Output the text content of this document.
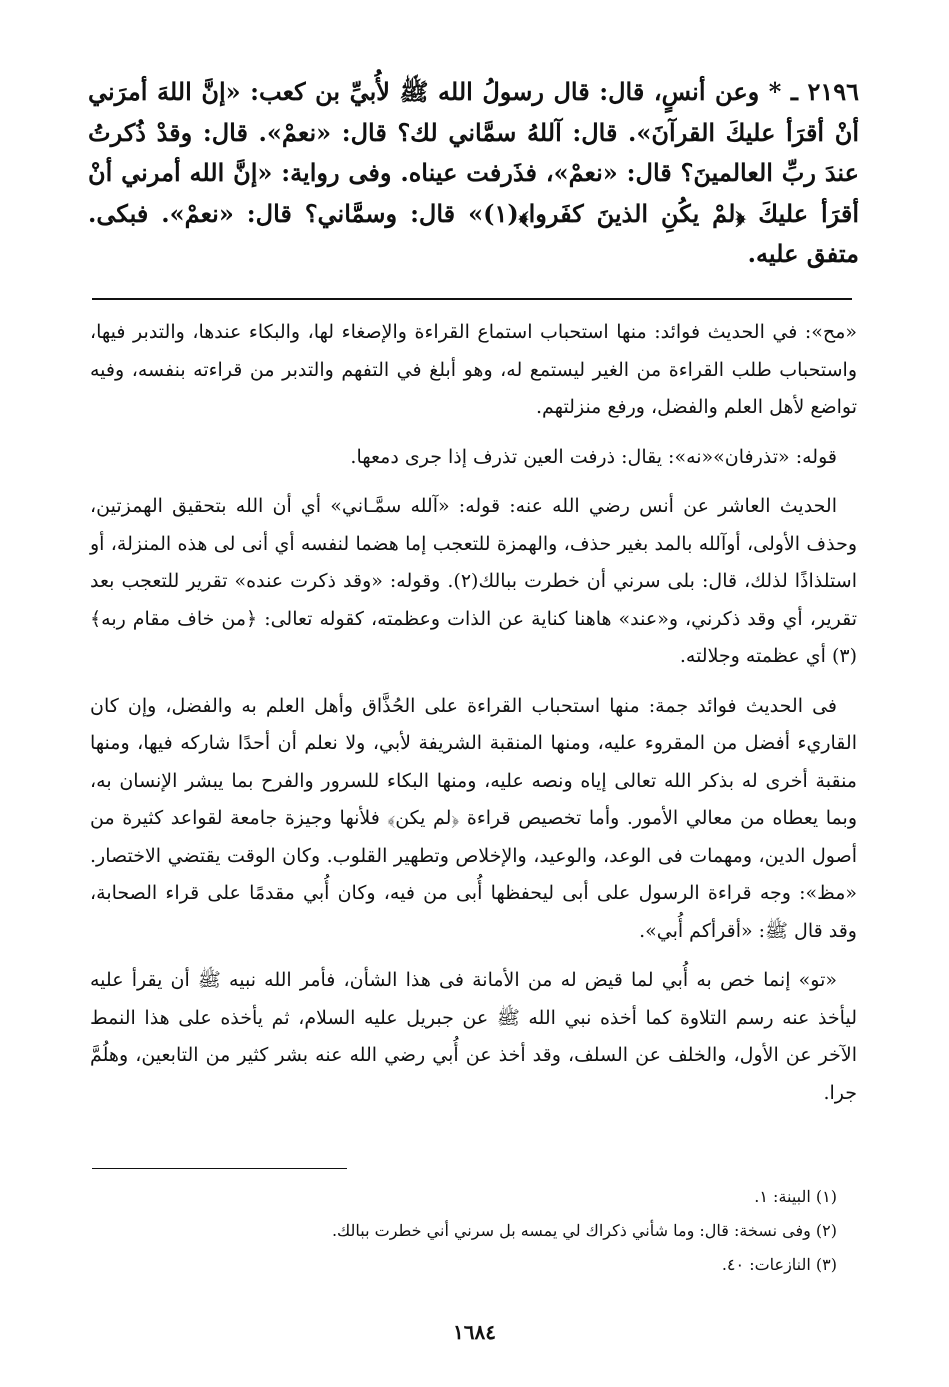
٢١٩٦ ـ * وعن أنسٍ، قال: قال رسولُ الله ﷺ لأُبيِّ بن كعب: «إنَّ اللهَ أمرَني أنْ أقرَأ عليكَ القرآنَ». قال: آللهُ سمَّاني لك؟ قال: «نعمْ». قال: وقدْ ذُكرتُ عندَ ربِّ العالمينَ؟ قال: «نعمْ»، فذَرفت عيناه. وفى رواية: «إنَّ الله أمرني أنْ أقرَأ عليكَ ﴿لمْ يكُنِ الذينَ كفَروا﴾(١)» قال: وسمَّاني؟ قال: «نعمْ». فبكى. متفق عليه.

«مح»: في الحديث فوائد: منها استحباب استماع القراءة والإصغاء لها، والبكاء عندها، والتدبر فيها، واستحباب طلب القراءة من الغير ليستمع له، وهو أبلغ في التفهم والتدبر من قراءته بنفسه، وفيه تواضع لأهل العلم والفضل، ورفع منزلتهم.

قوله: «تذرفان»«نه»: يقال: ذرفت العين تذرف إذا جرى دمعها.

الحديث العاشر عن أنس رضي الله عنه: قوله: «آلله سمَّـاني» أي أن الله بتحقيق الهمزتين، وحذف الأولى، أوآلله بالمد بغير حذف، والهمزة للتعجب إما هضما لنفسه أي أنى لى هذه المنزلة، أو استلذاذًا لذلك، قال: بلى سرني أن خطرت ببالك(٢). وقوله: «وقد ذكرت عنده» تقرير للتعجب بعد تقرير، أي وقد ذكرني، و«عند» هاهنا كناية عن الذات وعظمته، كقوله تعالى: ﴿من خاف مقام ربه﴾(٣) أي عظمته وجلالته.

فى الحديث فوائد جمة: منها استحباب القراءة على الحُذَّاق وأهل العلم به والفضل، وإن كان القاريء أفضل من المقروء عليه، ومنها المنقبة الشريفة لأبي، ولا نعلم أن أحدًا شاركه فيها، ومنها منقبة أخرى له بذكر الله تعالى إياه ونصه عليه، ومنها البكاء للسرور والفرح بما يبشر الإنسان به، وبما يعطاه من معالي الأمور. وأما تخصيص قراءة ﴿لم يكن﴾ فلأنها وجيزة جامعة لقواعد كثيرة من أصول الدين، ومهمات فى الوعد، والوعيد، والإخلاص وتطهير القلوب. وكان الوقت يقتضي الاختصار. «مظ»: وجه قراءة الرسول على أبى ليحفظها أُبى من فيه، وكان أُبي مقدمًا على قراء الصحابة، وقد قال ﷺ: «أقرأكم أُبي».

«تو» إنما خص به أُبي لما قيض له من الأمانة فى هذا الشأن، فأمر الله نبيه ﷺ أن يقرأ عليه ليأخذ عنه رسم التلاوة كما أخذه نبي الله ﷺ عن جبريل عليه السلام، ثم يأخذه على هذا النمط الآخر عن الأول، والخلف عن السلف، وقد أخذ عن أُبي رضي الله عنه بشر كثير من التابعين، وهلُمَّ جرا.

(١) البينة: ١.
(٢) وفى نسخة: قال: وما شأني ذكراك لي يمسه بل سرني أني خطرت ببالك.
(٣) النازعات: ٤٠.
١٦٨٤
